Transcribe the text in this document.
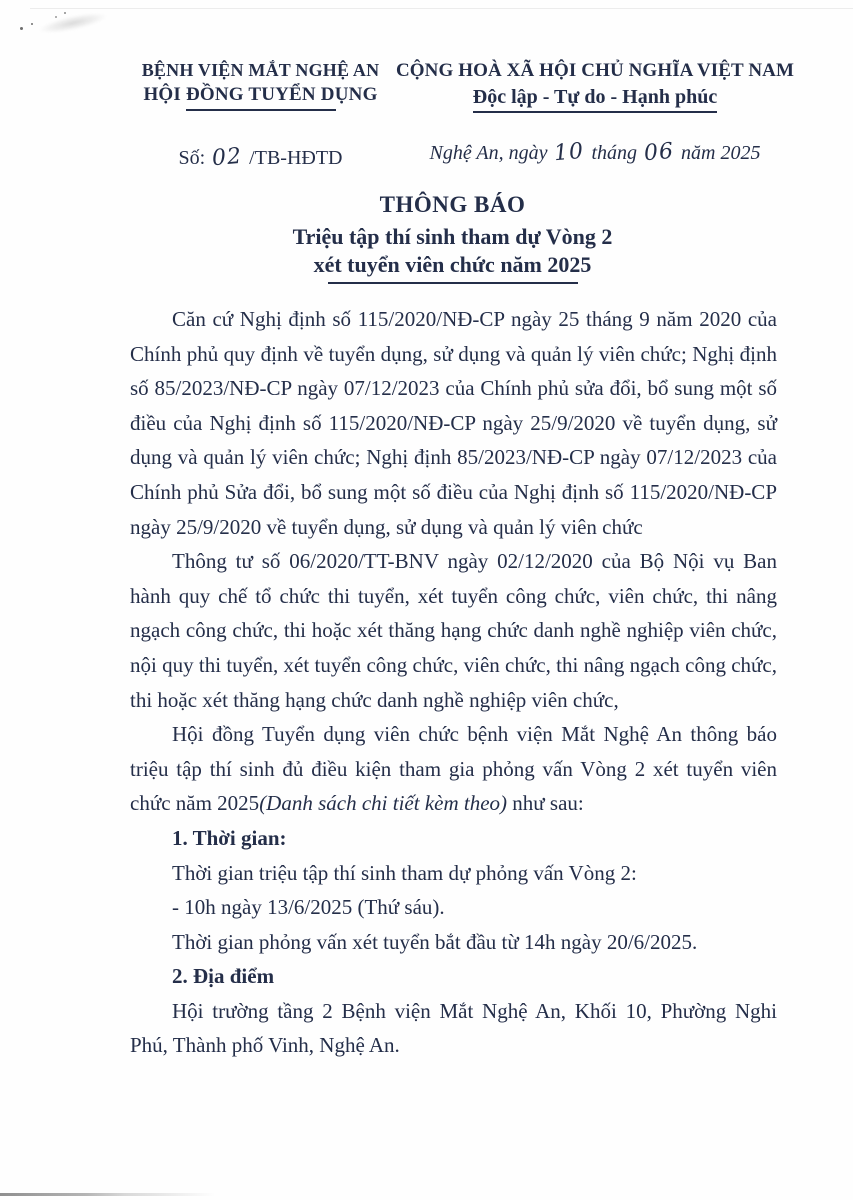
BỆNH VIỆN MẮT NGHỆ AN
HỘI ĐỒNG TUYỂN DỤNG
Số: 02 /TB-HĐTD
CỘNG HOÀ XÃ HỘI CHỦ NGHĨA VIỆT NAM
Độc lập - Tự do - Hạnh phúc
Nghệ An, ngày 10 tháng 06 năm 2025
THÔNG BÁO
Triệu tập thí sinh tham dự Vòng 2
xét tuyển viên chức năm 2025

Căn cứ Nghị định số 115/2020/NĐ-CP ngày 25 tháng 9 năm 2020 của Chính phủ quy định về tuyển dụng, sử dụng và quản lý viên chức; Nghị định số 85/2023/NĐ-CP ngày 07/12/2023 của Chính phủ sửa đổi, bổ sung một số điều của Nghị định số 115/2020/NĐ-CP ngày 25/9/2020 về tuyển dụng, sử dụng và quản lý viên chức; Nghị định 85/2023/NĐ-CP ngày 07/12/2023 của Chính phủ Sửa đổi, bổ sung một số điều của Nghị định số 115/2020/NĐ-CP ngày 25/9/2020 về tuyển dụng, sử dụng và quản lý viên chức

Thông tư số 06/2020/TT-BNV ngày 02/12/2020 của Bộ Nội vụ Ban hành quy chế tổ chức thi tuyển, xét tuyển công chức, viên chức, thi nâng ngạch công chức, thi hoặc xét thăng hạng chức danh nghề nghiệp viên chức, nội quy thi tuyển, xét tuyển công chức, viên chức, thi nâng ngạch công chức, thi hoặc xét thăng hạng chức danh nghề nghiệp viên chức,

Hội đồng Tuyển dụng viên chức bệnh viện Mắt Nghệ An thông báo triệu tập thí sinh đủ điều kiện tham gia phỏng vấn Vòng 2 xét tuyển viên chức năm 2025(Danh sách chi tiết kèm theo) như sau:

1. Thời gian:

Thời gian triệu tập thí sinh tham dự phỏng vấn Vòng 2:

- 10h ngày 13/6/2025 (Thứ sáu).

Thời gian phỏng vấn xét tuyển bắt đầu từ 14h ngày 20/6/2025.

2. Địa điểm

Hội trường tầng 2 Bệnh viện Mắt Nghệ An, Khối 10, Phường Nghi Phú, Thành phố Vinh, Nghệ An.
